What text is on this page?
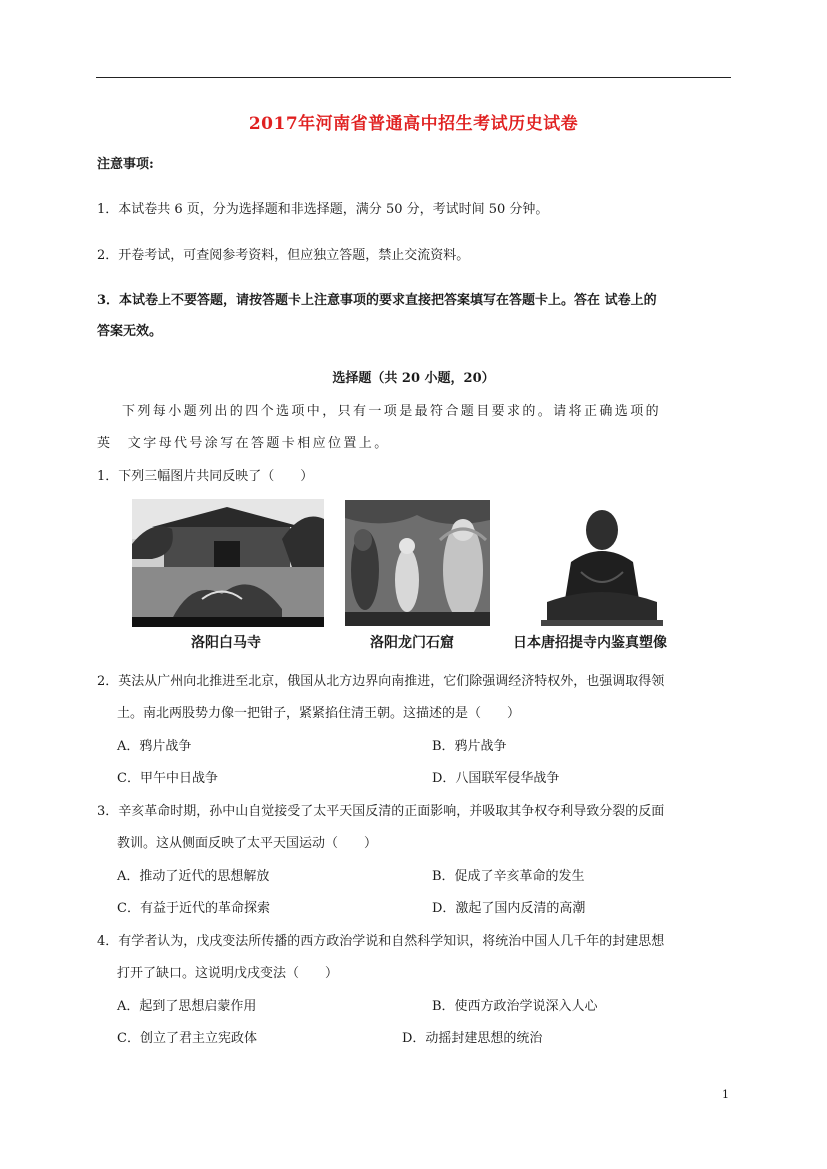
2017年河南省普通高中招生考试历史试卷
注意事项:
1．本试卷共 6 页，分为选择题和非选择题，满分 50 分，考试时间 50 分钟。
2．开卷考试，可查阅参考资料，但应独立答题，禁止交流资料。
3．本试卷上不要答题，请按答题卡上注意事项的要求直接把答案填写在答题卡上。答在 试卷上的
答案无效。
选择题（共 20 小题，20）
下列每小题列出的四个选项中，只有一项是最符合题目要求的。请将正确选项的
英　文字母代号涂写在答题卡相应位置上。
1．下列三幅图片共同反映了（　　）
洛阳白马寺	洛阳龙门石窟	日本唐招提寺内鉴真塑像
2．英法从广州向北推进至北京，俄国从北方边界向南推进，它们除强调经济特权外，也强调取得领
土。南北两股势力像一把钳子，紧紧掐住清王朝。这描述的是（　　）
A．鸦片战争	B．鸦片战争
C．甲午中日战争	D．八国联军侵华战争
3．辛亥革命时期，孙中山自觉接受了太平天国反清的正面影响，并吸取其争权夺利导致分裂的反面
教训。这从侧面反映了太平天国运动（　　）
A．推动了近代的思想解放	B．促成了辛亥革命的发生
C．有益于近代的革命探索	D．激起了国内反清的高潮
4．有学者认为，戊戌变法所传播的西方政治学说和自然科学知识，将统治中国人几千年的封建思想
打开了缺口。这说明戊戌变法（　　）
A．起到了思想启蒙作用	B．使西方政治学说深入人心
C．创立了君主立宪政体	D．动摇封建思想的统治
1
